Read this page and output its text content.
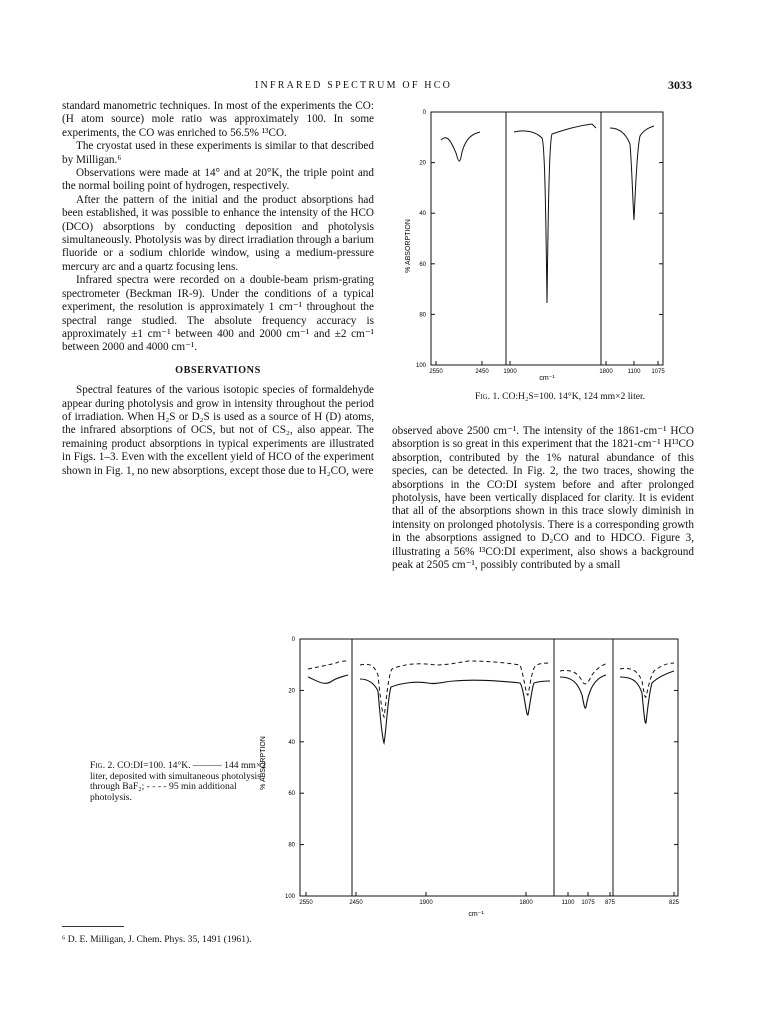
INFRARED SPECTRUM OF HCO	3033

standard manometric techniques. In most of the experiments the CO: (H atom source) mole ratio was approximately 100. In some experiments, the CO was enriched to 56.5% ¹³CO.

The cryostat used in these experiments is similar to that described by Milligan.⁶

Observations were made at 14° and at 20°K, the triple point and the normal boiling point of hydrogen, respectively.

After the pattern of the initial and the product absorptions had been established, it was possible to enhance the intensity of the HCO (DCO) absorptions by conducting deposition and photolysis simultaneously. Photolysis was by direct irradiation through a barium fluoride or a sodium chloride window, using a medium-pressure mercury arc and a quartz focusing lens.

Infrared spectra were recorded on a double-beam prism-grating spectrometer (Beckman IR-9). Under the conditions of a typical experiment, the resolution is approximately 1 cm⁻¹ throughout the spectral range studied. The absolute frequency accuracy is approximately ±1 cm⁻¹ between 400 and 2000 cm⁻¹ and ±2 cm⁻¹ between 2000 and 4000 cm⁻¹.

OBSERVATIONS

Spectral features of the various isotopic species of formaldehyde appear during photolysis and grow in intensity throughout the period of irradiation. When H₂S or D₂S is used as a source of H (D) atoms, the infrared absorptions of OCS, but not of CS₂, also appear. The remaining product absorptions in typical experiments are illustrated in Figs. 1–3. Even with the excellent yield of HCO of the experiment shown in Fig. 1, no new absorptions, except those due to H₂CO, were

observed above 2500 cm⁻¹. The intensity of the 1861-cm⁻¹ HCO absorption is so great in this experiment that the 1821-cm⁻¹ H¹³CO absorption, contributed by the 1% natural abundance of this species, can be detected. In Fig. 2, the two traces, showing the absorptions in the CO:DI system before and after prolonged photolysis, have been vertically displaced for clarity. It is evident that all of the absorptions shown in this trace slowly diminish in intensity on prolonged photolysis. There is a corresponding growth in the absorptions assigned to D₂CO and to HDCO. Figure 3, illustrating a 56% ¹³CO:DI experiment, also shows a background peak at 2505 cm⁻¹, possibly contributed by a small

0
20
40
60
80
100
2550	2450 1900	1800 1100 1075
% ABSORPTION
cm⁻¹
Fig. 1. CO:H₂S=100. 14°K, 124 mm×2 liter.
0
20
40
60
80
100
2550	2450	1900	1800	1100 1075 875	825
% ABSORPTION
cm⁻¹
Fig. 2. CO:DI=100. 14°K. ——— 144 mm×2 liter, deposited with simultaneous photolysis through BaF₂; - - - - 95 min additional photolysis.
⁶ D. E. Milligan, J. Chem. Phys. 35, 1491 (1961).
